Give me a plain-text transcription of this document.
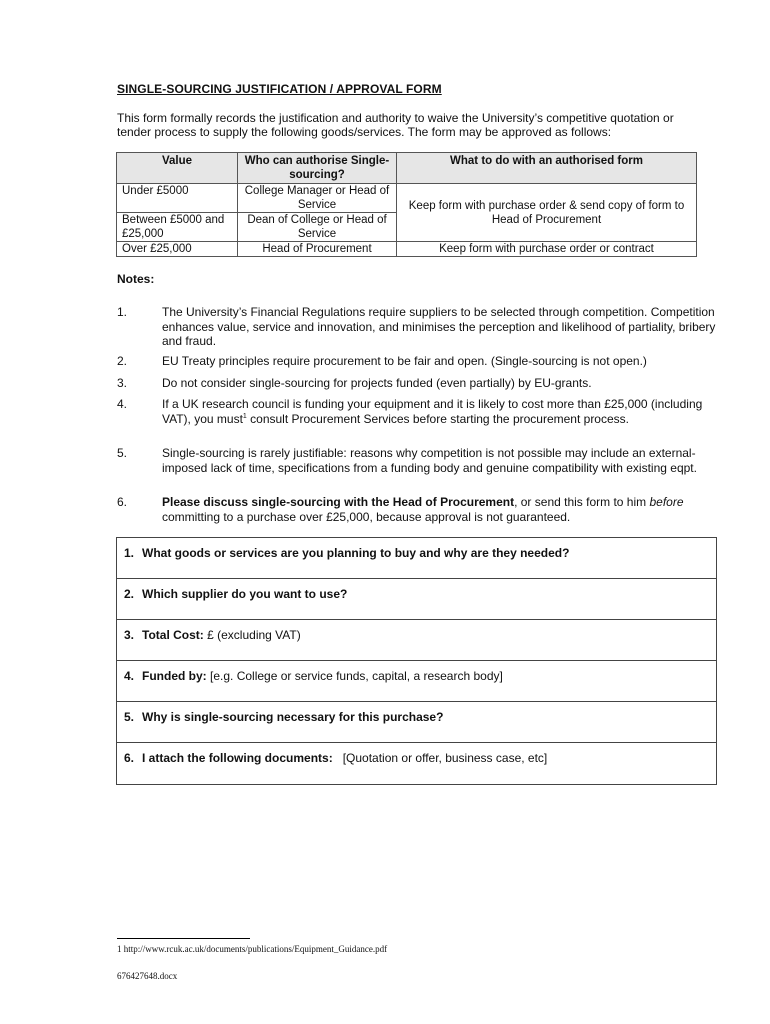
SINGLE-SOURCING JUSTIFICATION / APPROVAL FORM
This form formally records the justification and authority to waive the University’s competitive quotation or tender process to supply the following goods/services. The form may be approved as follows:
Value	Who can authorise Single-sourcing?	What to do with an authorised form
Under £5000	College Manager or Head of Service	Keep form with purchase order & send copy of form to Head of Procurement
Between £5000 and £25,000	Dean of College or Head of Service	
Over £25,000	Head of Procurement	Keep form with purchase order or contract
Notes:
1.	The University’s Financial Regulations require suppliers to be selected through competition. Competition enhances value, service and innovation, and minimises the perception and likelihood of partiality, bribery and fraud.
2.	EU Treaty principles require procurement to be fair and open. (Single-sourcing is not open.)
3.	Do not consider single-sourcing for projects funded (even partially) by EU-grants.
4.	If a UK research council is funding your equipment and it is likely to cost more than £25,000 (including VAT), you must$^1$ consult Procurement Services before starting the procurement process.
5.	Single-sourcing is rarely justifiable: reasons why competition is not possible may include an external-imposed lack of time, specifications from a funding body and genuine compatibility with existing eqpt.
6.	Please discuss single-sourcing with the Head of Procurement, or send this form to him before committing to a purchase over £25,000, because approval is not guaranteed.
1. What goods or services are you planning to buy and why are they needed?
2. Which supplier do you want to use?
3. Total Cost: £ (excluding VAT)
4. Funded by: [e.g. College or service funds, capital, a research body]
5. Why is single-sourcing necessary for this purchase?
6. I attach the following documents:   [Quotation or offer, business case, etc]
1 http://www.rcuk.ac.uk/documents/publications/Equipment_Guidance.pdf
676427648.docx
